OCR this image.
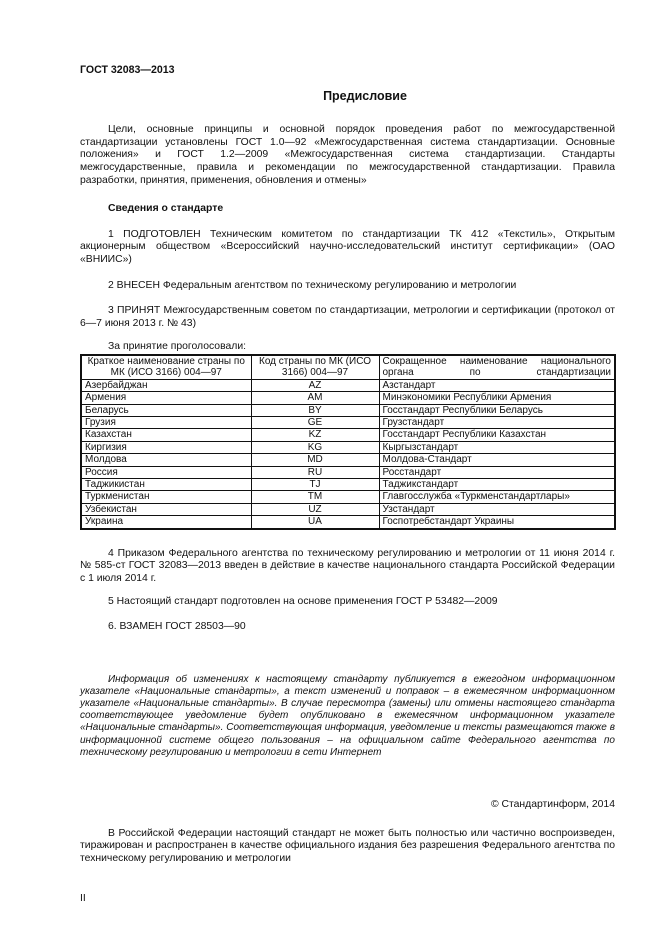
ГОСТ 32083—2013
Предисловие
Цели, основные принципы и основной порядок проведения работ по межгосударственной стандартизации установлены ГОСТ 1.0—92 «Межгосударственная система стандартизации. Основные положения» и ГОСТ 1.2—2009 «Межгосударственная система стандартизации. Стандарты межгосударственные, правила и рекомендации по межгосударственной стандартизации. Правила разработки, принятия, применения, обновления и отмены»
Сведения о стандарте
1 ПОДГОТОВЛЕН Техническим комитетом по стандартизации ТК 412 «Текстиль», Открытым акционерным обществом «Всероссийский научно-исследовательский институт сертификации» (ОАО «ВНИИС»)
2 ВНЕСЕН Федеральным агентством по техническому регулированию и метрологии
3 ПРИНЯТ Межгосударственным советом по стандартизации, метрологии и сертификации (протокол от 6—7 июня 2013 г. № 43)
За принятие проголосовали:
Краткое наименование страны по МК (ИСО 3166) 004—97	Код страны по МК (ИСО 3166) 004—97	Сокращенное наименование национального органа по стандартизации
Азербайджан	AZ	Азстандарт
Армения	AM	Минэкономики Республики Армения
Беларусь	BY	Госстандарт Республики Беларусь
Грузия	GE	Грузстандарт
Казахстан	KZ	Госстандарт Республики Казахстан
Киргизия	KG	Кыргызстандарт
Молдова	MD	Молдова-Стандарт
Россия	RU	Росстандарт
Таджикистан	TJ	Таджикстандарт
Туркменистан	TM	Главгосслужба «Туркменстандартлары»
Узбекистан	UZ	Узстандарт
Украина	UA	Госпотребстандарт Украины
4 Приказом Федерального агентства по техническому регулированию и метрологии от 11 июня 2014 г. № 585-ст ГОСТ 32083—2013 введен в действие в качестве национального стандарта Российской Федерации с 1 июля 2014 г.
5 Настоящий стандарт подготовлен на основе применения ГОСТ Р 53482—2009
6. ВЗАМЕН ГОСТ 28503—90
Информация об изменениях к настоящему стандарту публикуется в ежегодном информационном указателе «Национальные стандарты», а текст изменений и поправок – в ежемесячном информационном указателе «Национальные стандарты». В случае пересмотра (замены) или отмены настоящего стандарта соответствующее уведомление будет опубликовано в ежемесячном информационном указателе «Национальные стандарты». Соответствующая информация, уведомление и тексты размещаются также в информационной системе общего пользования – на официальном сайте Федерального агентства по техническому регулированию и метрологии в сети Интернет
© Стандартинформ, 2014
В Российской Федерации настоящий стандарт не может быть полностью или частично воспроизведен, тиражирован и распространен в качестве официального издания без разрешения Федерального агентства по техническому регулированию и метрологии
II
